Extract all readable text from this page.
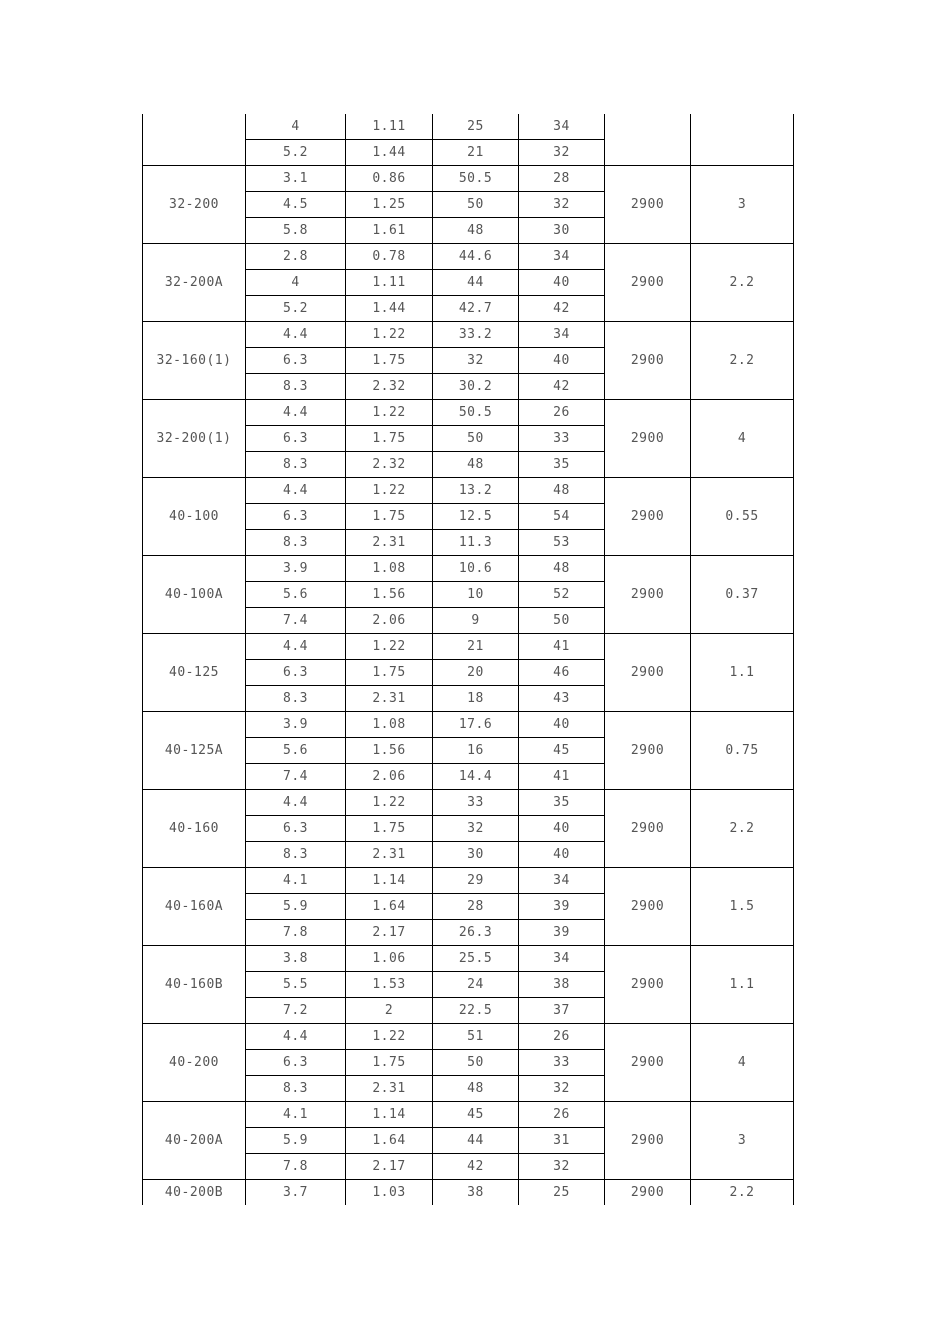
	4	1.11	25	34		
	5.2	1.44	21	32		
32-200	3.1	0.86	50.5	28	2900	3
	4.5	1.25	50	32		
	5.8	1.61	48	30		
32-200A	2.8	0.78	44.6	34	2900	2.2
	4	1.11	44	40		
	5.2	1.44	42.7	42		
32-160(1)	4.4	1.22	33.2	34	2900	2.2
	6.3	1.75	32	40		
	8.3	2.32	30.2	42		
32-200(1)	4.4	1.22	50.5	26	2900	4
	6.3	1.75	50	33		
	8.3	2.32	48	35		
40-100	4.4	1.22	13.2	48	2900	0.55
	6.3	1.75	12.5	54		
	8.3	2.31	11.3	53		
40-100A	3.9	1.08	10.6	48	2900	0.37
	5.6	1.56	10	52		
	7.4	2.06	9	50		
40-125	4.4	1.22	21	41	2900	1.1
	6.3	1.75	20	46		
	8.3	2.31	18	43		
40-125A	3.9	1.08	17.6	40	2900	0.75
	5.6	1.56	16	45		
	7.4	2.06	14.4	41		
40-160	4.4	1.22	33	35	2900	2.2
	6.3	1.75	32	40		
	8.3	2.31	30	40		
40-160A	4.1	1.14	29	34	2900	1.5
	5.9	1.64	28	39		
	7.8	2.17	26.3	39		
40-160B	3.8	1.06	25.5	34	2900	1.1
	5.5	1.53	24	38		
	7.2	2	22.5	37		
40-200	4.4	1.22	51	26	2900	4
	6.3	1.75	50	33		
	8.3	2.31	48	32		
40-200A	4.1	1.14	45	26	2900	3
	5.9	1.64	44	31		
	7.8	2.17	42	32		
40-200B	3.7	1.03	38	25	2900	2.2
